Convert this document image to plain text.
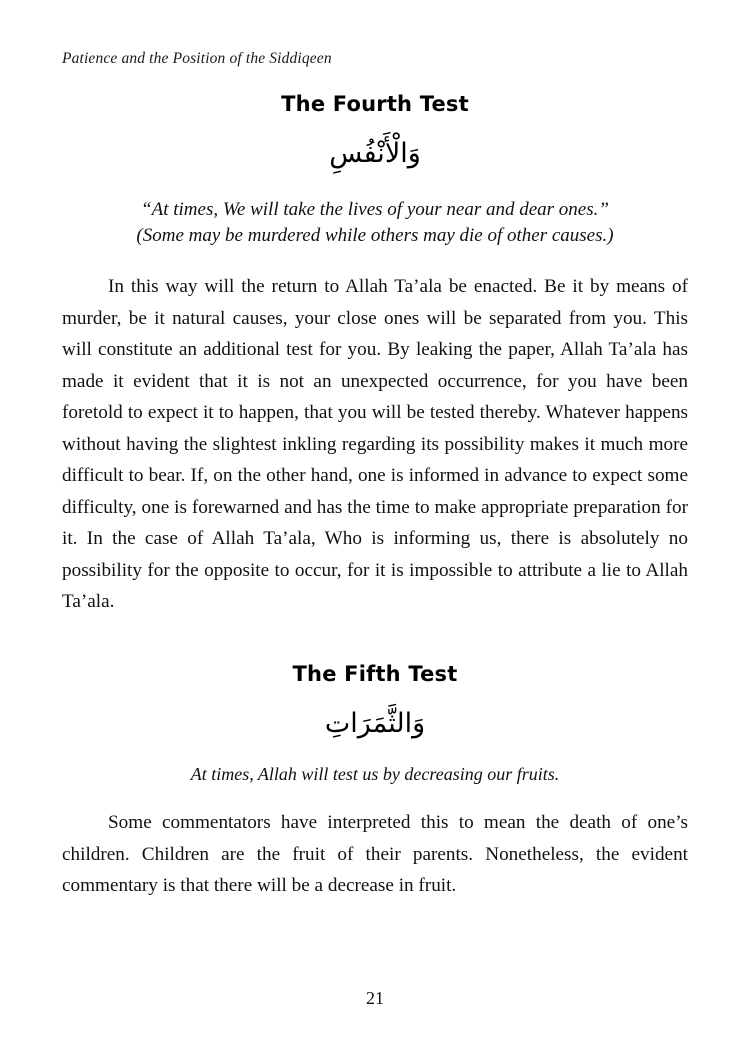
Patience and the Position of the Siddiqeen
The Fourth Test
وَالْأَنْفُسِ
“At times, We will take the lives of your near and dear ones.”
(Some may be murdered while others may die of other causes.)

In this way will the return to Allah Ta’ala be enacted. Be it by means of murder, be it natural causes, your close ones will be separated from you. This will constitute an additional test for you. By leaking the paper, Allah Ta’ala has made it evident that it is not an unexpected occurrence, for you have been foretold to expect it to happen, that you will be tested thereby. Whatever happens without having the slightest inkling regarding its possibility makes it much more difficult to bear. If, on the other hand, one is informed in advance to expect some difficulty, one is forewarned and has the time to make appropriate preparation for it. In the case of Allah Ta’ala, Who is informing us, there is absolutely no possibility for the opposite to occur, for it is impossible to attribute a lie to Allah Ta’ala.

The Fifth Test
وَالثَّمَرَاتِ
At times, Allah will test us by decreasing our fruits.

Some commentators have interpreted this to mean the death of one’s children. Children are the fruit of their parents. Nonetheless, the evident commentary is that there will be a decrease in fruit.

21
